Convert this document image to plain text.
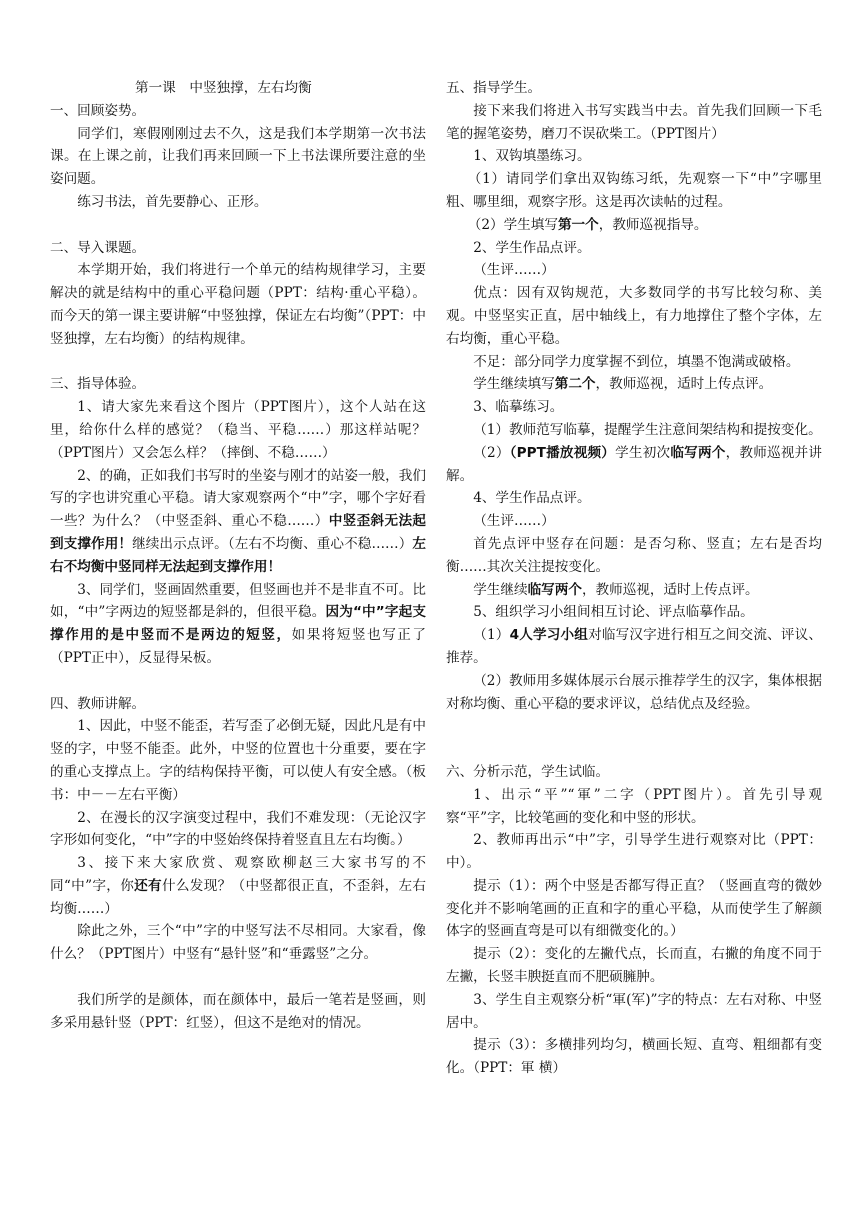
第一课　中竖独撑，左右均衡

一、回顾姿势。

同学们，寒假刚刚过去不久，这是我们本学期第一次书法课。在上课之前，让我们再来回顾一下上书法课所要注意的坐姿问题。

练习书法，首先要静心、正形。

二、导入课题。

本学期开始，我们将进行一个单元的结构规律学习，主要解决的就是结构中的重心平稳问题（PPT：结构·重心平稳）。而今天的第一课主要讲解“中竖独撑，保证左右均衡”（PPT：中竖独撑，左右均衡）的结构规律。

三、指导体验。

1、请大家先来看这个图片（PPT图片），这个人站在这里，给你什么样的感觉？（稳当、平稳……）那这样站呢？（PPT图片）又会怎么样？（摔倒、不稳……）

2、的确，正如我们书写时的坐姿与刚才的站姿一般，我们写的字也讲究重心平稳。请大家观察两个“中”字，哪个字好看一些？为什么？（中竖歪斜、重心不稳……）中竖歪斜无法起到支撑作用！继续出示点评。（左右不均衡、重心不稳……）左右不均衡中竖同样无法起到支撑作用！

3、同学们，竖画固然重要，但竖画也并不是非直不可。比如，“中”字两边的短竖都是斜的，但很平稳。因为“中”字起支撑作用的是中竖而不是两边的短竖，如果将短竖也写正了（PPT正中），反显得呆板。

四、教师讲解。

1、因此，中竖不能歪，若写歪了必倒无疑，因此凡是有中竖的字，中竖不能歪。此外，中竖的位置也十分重要，要在字的重心支撑点上。字的结构保持平衡，可以使人有安全感。（板书：中－－左右平衡）

2、在漫长的汉字演变过程中，我们不难发现：（无论汉字字形如何变化，“中”字的中竖始终保持着竖直且左右均衡。）

3、接下来大家欣赏、观察欧柳赵三大家书写的不同“中”字，你还有什么发现？（中竖都很正直，不歪斜，左右均衡……）

除此之外，三个“中”字的中竖写法不尽相同。大家看，像什么？（PPT图片）中竖有“悬针竖”和“垂露竖”之分。

我们所学的是颜体，而在颜体中，最后一笔若是竖画，则多采用悬针竖（PPT：红竖），但这不是绝对的情况。

五、指导学生。

接下来我们将进入书写实践当中去。首先我们回顾一下毛笔的握笔姿势，磨刀不误砍柴工。（PPT图片）

1、双钩填墨练习。

（1）请同学们拿出双钩练习纸，先观察一下“中”字哪里粗、哪里细，观察字形。这是再次读帖的过程。

（2）学生填写第一个，教师巡视指导。

2、学生作品点评。

（生评……）

优点：因有双钩规范，大多数同学的书写比较匀称、美观。中竖坚实正直，居中轴线上，有力地撑住了整个字体，左右均衡，重心平稳。

不足：部分同学力度掌握不到位，填墨不饱满或破格。

学生继续填写第二个，教师巡视，适时上传点评。

3、临摹练习。

（1）教师范写临摹，提醒学生注意间架结构和提按变化。

（2）（PPT播放视频）学生初次临写两个，教师巡视并讲解。

4、学生作品点评。

（生评……）

首先点评中竖存在问题：是否匀称、竖直；左右是否均衡……其次关注提按变化。

学生继续临写两个，教师巡视，适时上传点评。

5、组织学习小组间相互讨论、评点临摹作品。

（1）4人学习小组对临写汉字进行相互之间交流、评议、推荐。

（2）教师用多媒体展示台展示推荐学生的汉字，集体根据对称均衡、重心平稳的要求评议，总结优点及经验。

六、分析示范，学生试临。

1、出示“平”“軍”二字（PPT图片）。首先引导观察“平”字，比较笔画的变化和中竖的形状。

2、教师再出示“中”字，引导学生进行观察对比（PPT：中）。

提示（1）：两个中竖是否都写得正直？（竖画直弯的微妙变化并不影响笔画的正直和字的重心平稳，从而使学生了解颜体字的竖画直弯是可以有细微变化的。）

提示（2）：变化的左撇代点，长而直，右撇的角度不同于左撇，长竖丰腴挺直而不肥硕臃肿。

3、学生自主观察分析“軍(军)”字的特点：左右对称、中竖居中。

提示（3）：多横排列均匀，横画长短、直弯、粗细都有变化。（PPT：軍 横）
